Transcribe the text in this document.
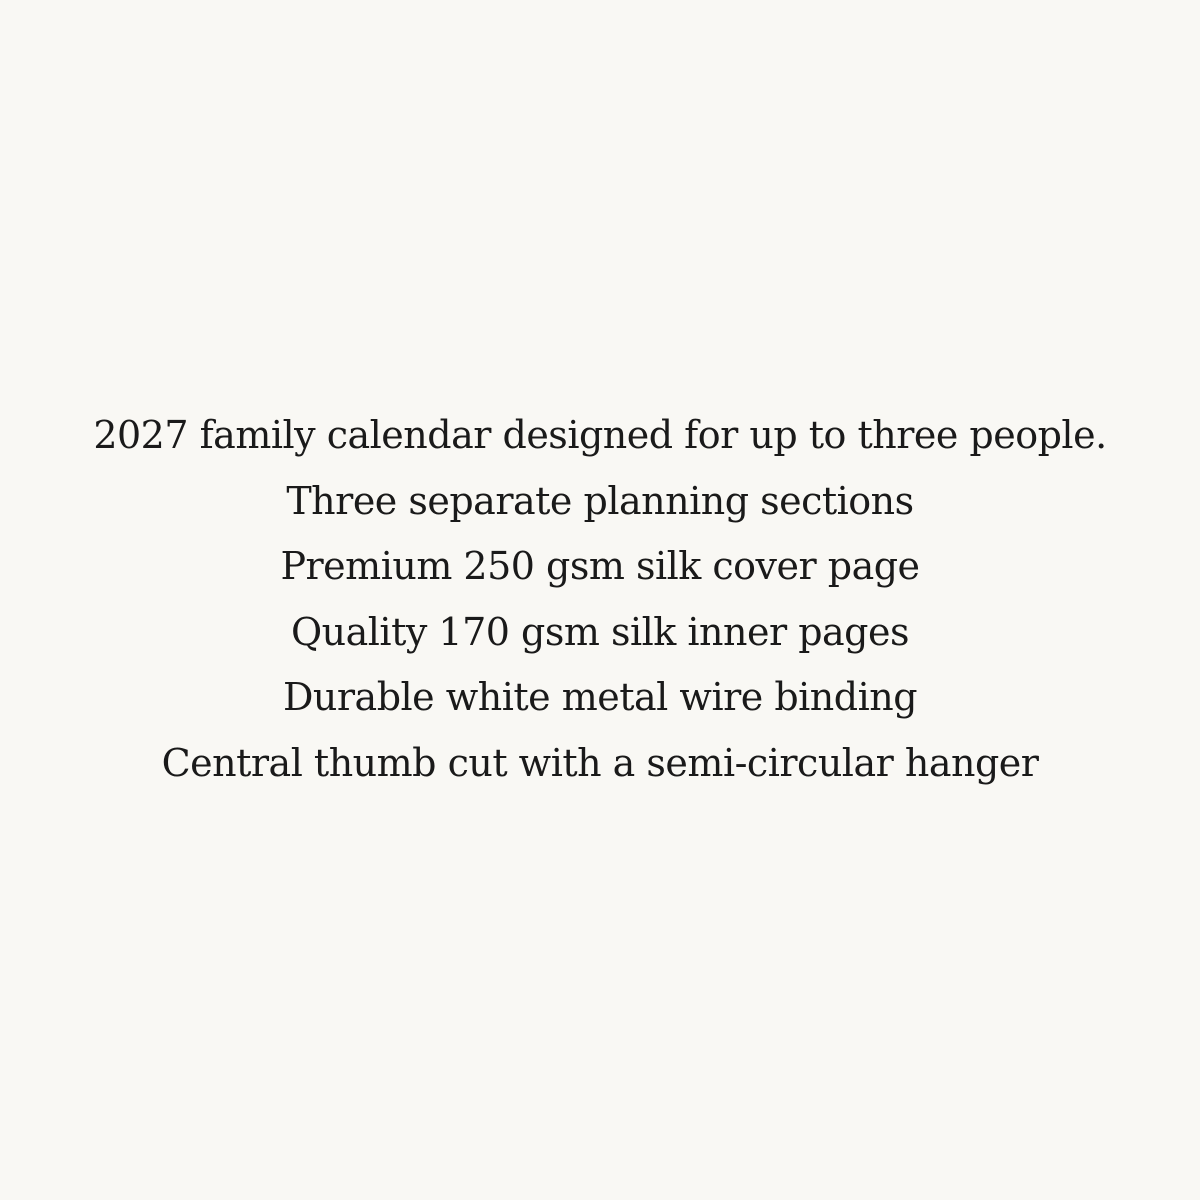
2027 family calendar designed for up to three people.
Three separate planning sections
Premium 250 gsm silk cover page
Quality 170 gsm silk inner pages
Durable white metal wire binding
Central thumb cut with a semi-circular hanger
